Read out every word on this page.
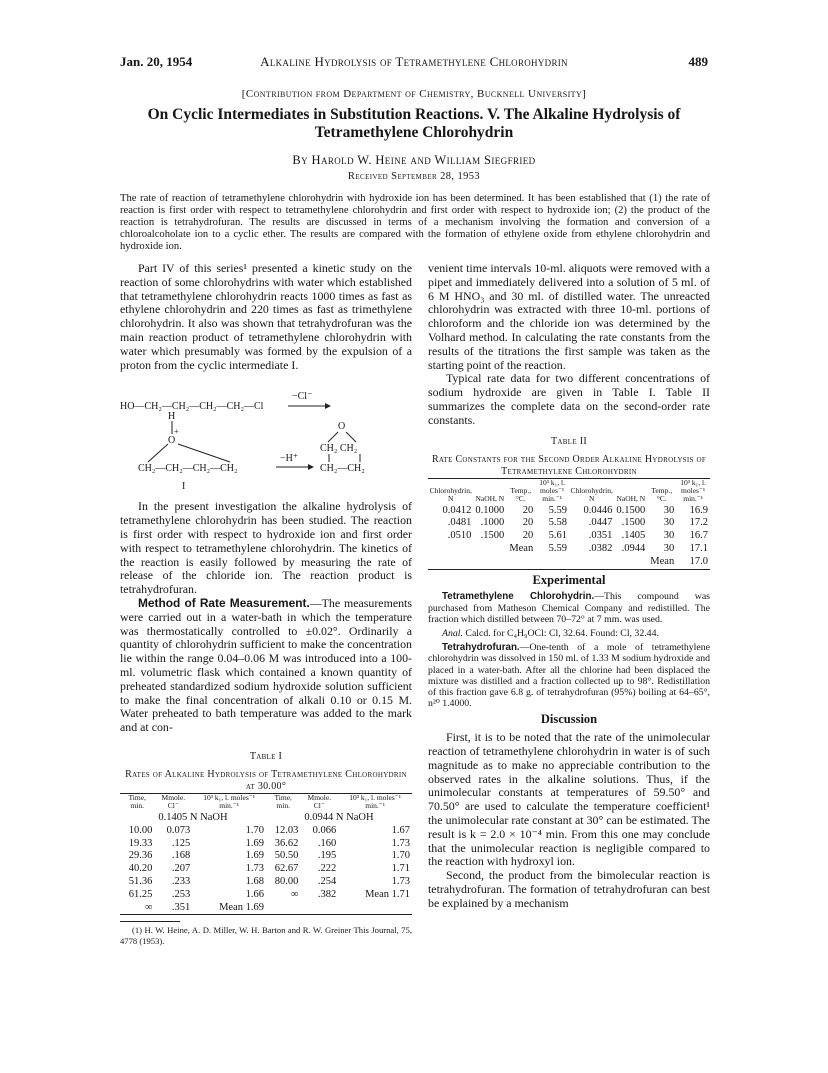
Jan. 20, 1954	Alkaline Hydrolysis of Tetramethylene Chlorohydrin	489
[Contribution from Department of Chemistry, Bucknell University]
On Cyclic Intermediates in Substitution Reactions. V. The Alkaline Hydrolysis of Tetramethylene Chlorohydrin
By Harold W. Heine and William Siegfried
Received September 28, 1953
The rate of reaction of tetramethylene chlorohydrin with hydroxide ion has been determined. It has been established that (1) the rate of reaction is first order with respect to tetramethylene chlorohydrin and first order with respect to hydroxide ion; (2) the product of the reaction is tetrahydrofuran. The results are discussed in terms of a mechanism involving the formation and conversion of a chloroalcoholate ion to a cyclic ether. The results are compared with the formation of ethylene oxide from ethylene chlorohydrin and hydroxide ion.

Part IV of this series¹ presented a kinetic study on the reaction of some chlorohydrins with water which established that tetramethylene chlorohydrin reacts 1000 times as fast as ethylene chlorohydrin and 220 times as fast as trimethylene chlorohydrin. It also was shown that tetrahydrofuran was the main reaction product of tetramethylene chlorohydrin with water which presumably was formed by the expulsion of a proton from the cyclic intermediate I.

HO—CH₂—CH₂—CH₂—CH₂—Cl
−Cl⁻
H
+
O
CH₂—CH₂—CH₂—CH₂
−H⁺
O
CH₂ CH₂
CH₂—CH₂
I

In the present investigation the alkaline hydrolysis of tetramethylene chlorohydrin has been studied. The reaction is first order with respect to hydroxide ion and first order with respect to tetramethylene chlorohydrin. The kinetics of the reaction is easily followed by measuring the rate of release of the chloride ion. The reaction product is tetrahydrofuran.

Method of Rate Measurement.—The measurements were carried out in a water-bath in which the temperature was thermostatically controlled to ±0.02°. Ordinarily a quantity of chlorohydrin sufficient to make the concentration lie within the range 0.04–0.06 M was introduced into a 100-ml. volumetric flask which contained a known quantity of preheated standardized sodium hydroxide solution sufficient to make the final concentration of alkali 0.10 or 0.15 M. Water preheated to bath temperature was added to the mark and at con-

Table I
Rates of Alkaline Hydrolysis of Tetramethylene Chlorohydrin at 30.00°
Time, min.	Mmole. Cl⁻	10³ k₁, l. moles⁻¹ min.⁻¹	Time, min.	Mmole. Cl⁻	10³ k₁, l. moles⁻¹ min.⁻¹
0.1405 N NaOH			0.0944 N NaOH		
10.00	0.073	1.70	12.03	0.066	1.67
19.33	.125	1.69	36.62	.160	1.73
29.36	.168	1.69	50.50	.195	1.70
40.20	.207	1.73	62.67	.222	1.71
51.36	.233	1.68	80.00	.254	1.73
61.25	.253	1.66	∞	.382	Mean 1.71
∞	.351	Mean 1.69			
(1) H. W. Heine, A. D. Miller, W. H. Barton and R. W. Greiner This Journal, 75, 4778 (1953).

venient time intervals 10-ml. aliquots were removed with a pipet and immediately delivered into a solution of 5 ml. of 6 M HNO₃ and 30 ml. of distilled water. The unreacted chlorohydrin was extracted with three 10-ml. portions of chloroform and the chloride ion was determined by the Volhard method. In calculating the rate constants from the results of the titrations the first sample was taken as the starting point of the reaction.

Typical rate data for two different concentrations of sodium hydroxide are given in Table I. Table II summarizes the complete data on the second-order rate constants.

Table II
Rate Constants for the Second Order Alkaline Hydrolysis of Tetramethylene Chlorohydrin
Chlorohydrin, N	NaOH, N	Temp., °C.	10³ k₁, l. moles⁻¹ min.⁻¹	Chlorohydrin, N	NaOH, N	Temp., °C.	10³ k₁, l. moles⁻¹ min.⁻¹
0.0412	0.1000	20	5.59	0.0446	0.1500	30	16.9
.0481	.1000	20	5.58	.0447	.1500	30	17.2
.0510	.1500	20	5.61	.0351	.1405	30	16.7
		Mean	5.59	.0382	.0944	30	17.1
						Mean	17.0
Experimental

Tetramethylene Chlorohydrin.—This compound was purchased from Matheson Chemical Company and redistilled. The fraction which distilled between 70–72° at 7 mm. was used.

Anal. Calcd. for C₄H₉OCl: Cl, 32.64. Found: Cl, 32.44.

Tetrahydrofuran.—One-tenth of a mole of tetramethylene chlorohydrin was dissolved in 150 ml. of 1.33 M sodium hydroxide and placed in a water-bath. After all the chlorine had been displaced the mixture was distilled and a fraction collected up to 98°. Redistillation of this fraction gave 6.8 g. of tetrahydrofuran (95%) boiling at 64–65°, n²⁰ 1.4000.

Discussion

First, it is to be noted that the rate of the unimolecular reaction of tetramethylene chlorohydrin in water is of such magnitude as to make no appreciable contribution to the observed rates in the alkaline solutions. Thus, if the unimolecular constants at temperatures of 59.50° and 70.50° are used to calculate the temperature coefficient¹ the unimolecular rate constant at 30° can be estimated. The result is k = 2.0 × 10⁻⁴ min. From this one may conclude that the unimolecular reaction is negligible compared to the reaction with hydroxyl ion.

Second, the product from the bimolecular reaction is tetrahydrofuran. The formation of tetrahydrofuran can best be explained by a mechanism
